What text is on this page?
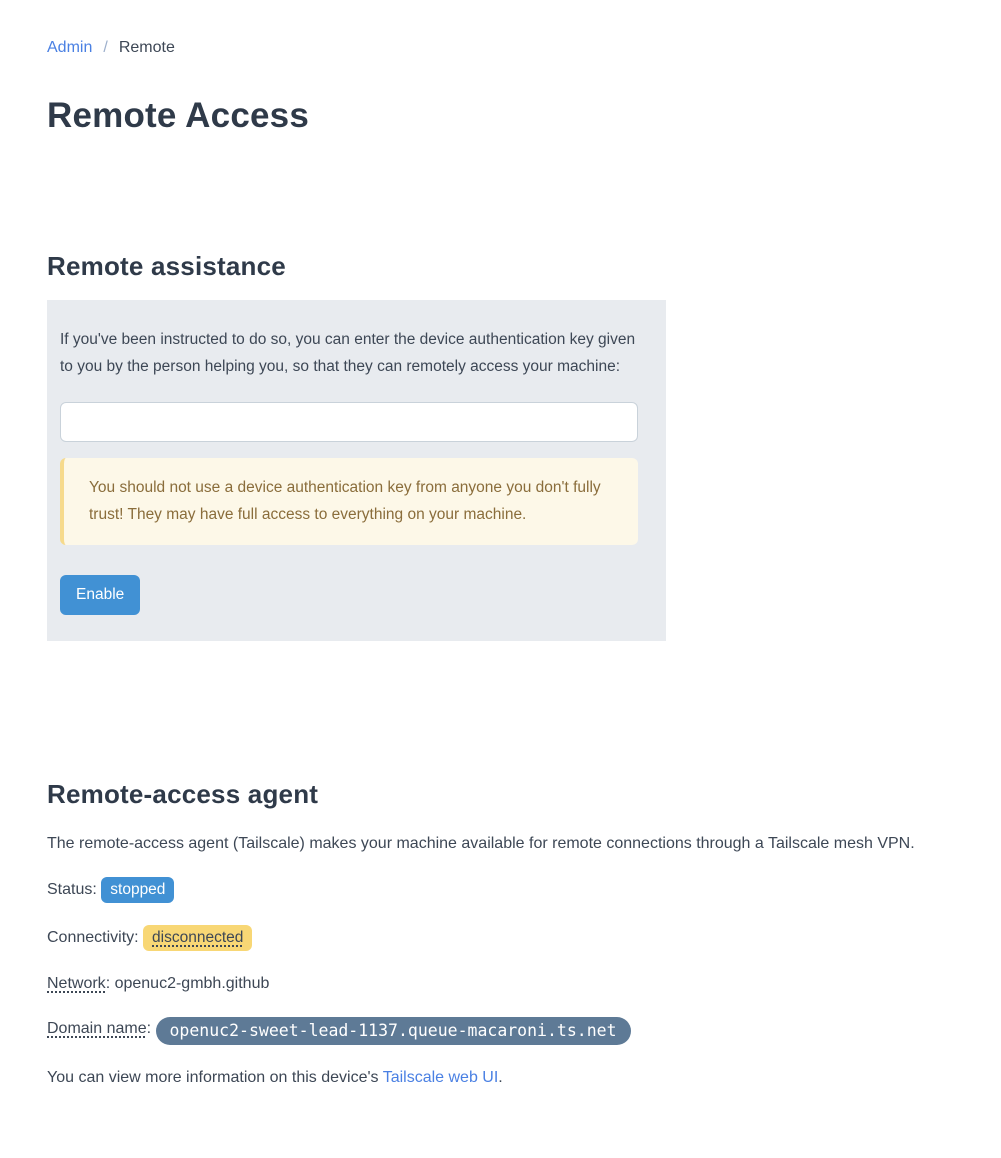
Admin / Remote
Remote Access
Remote assistance

If you've been instructed to do so, you can enter the device authentication key given to you by the person helping you, so that they can remotely access your machine:

You should not use a device authentication key from anyone you don't fully trust! They may have full access to everything on your machine.

Enable
Remote-access agent

The remote-access agent (Tailscale) makes your machine available for remote connections through a Tailscale mesh VPN.

Status: stopped

Connectivity: disconnected

Network: openuc2-gmbh.github

Domain name: openuc2-sweet-lead-1137.queue-macaroni.ts.net

You can view more information on this device's Tailscale web UI.
